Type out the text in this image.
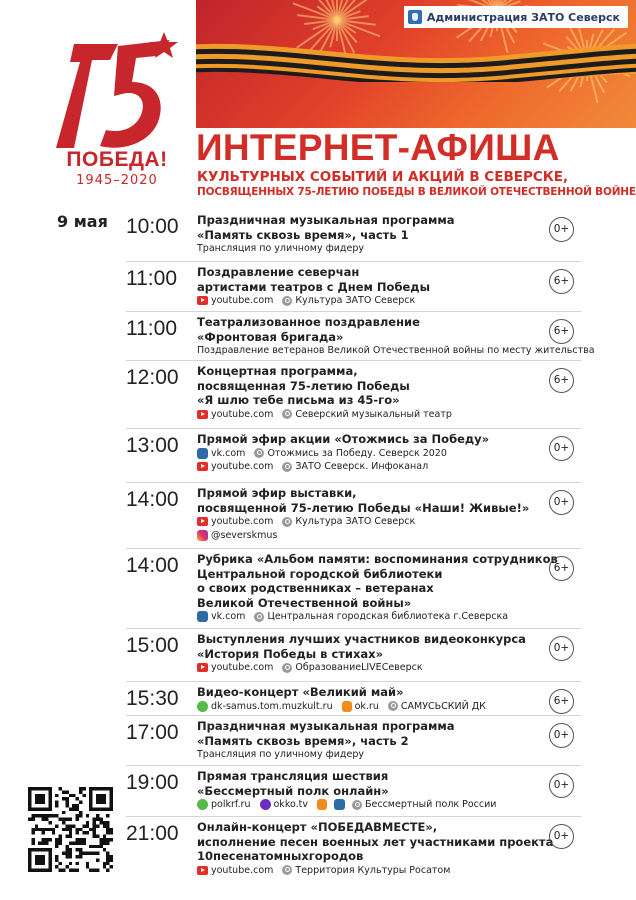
Администрация ЗАТО Северск
ПОБЕДА!
1945–2020
ИНТЕРНЕТ-АФИША
КУЛЬТУРНЫХ СОБЫТИЙ И АКЦИЙ В СЕВЕРСКЕ,
ПОСВЯЩЕННЫХ 75-ЛЕТИЮ ПОБЕДЫ В ВЕЛИКОЙ ОТЕЧЕСТВЕННОЙ ВОЙНЕ
9 мая 10:00	Праздничная музыкальная программа
«Память сквозь время», часть 1
Трансляция по уличному фидеру
0+
11:00	Поздравление северчан
артистами театров с Днем Победы
youtube.com Культура ЗАТО Северск
6+
11:00	Театрализованное поздравление
«Фронтовая бригада»
Поздравление ветеранов Великой Отечественной войны по месту жительства
6+
12:00	Концертная программа,
посвященная 75-летию Победы
«Я шлю тебе письма из 45-го»
youtube.com Северский музыкальный театр
6+
13:00	Прямой эфир акции «Отожмись за Победу»
vk.com Отожмись за Победу. Северск 2020
youtube.com ЗАТО Северск. Инфоканал
0+
14:00	Прямой эфир выставки,
посвященной 75-летию Победы «Наши! Живые!»
youtube.com Культура ЗАТО Северск
@severskmus
0+
14:00	Рубрика «Альбом памяти: воспоминания сотрудников
Центральной городской библиотеки
о своих родственниках – ветеранах
Великой Отечественной войны»
vk.com Центральная городская библиотека г.Северска
6+
15:00	Выступления лучших участников видеоконкурса
«История Победы в стихах»
youtube.com ОбразованиеLIVEСеверск
0+
15:30	Видео-концерт «Великий май»
dk-samus.tom.muzkult.ru ok.ru САМУСЬСКИЙ ДК	6+
17:00	Праздничная музыкальная программа
«Память сквозь время», часть 2
Трансляция по уличному фидеру
0+
19:00	Прямая трансляция шествия
«Бессмертный полк онлайн»
polkrf.ru okko.tv	Бессмертный полк России
0+
21:00	Онлайн-концерт «ПОБЕДАВМЕСТЕ»,
исполнение песен военных лет участниками проекта
10песенатомныхгородов
youtube.com Территория Культуры Росатом
0+
